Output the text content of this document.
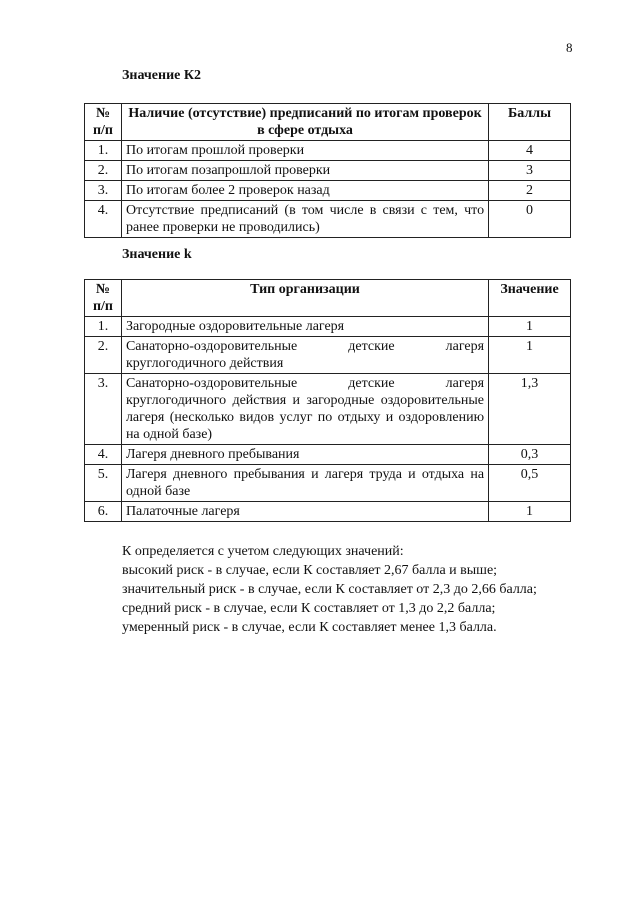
8
Значение К2
№ п/п	Наличие (отсутствие) предписаний по итогам проверок в сфере отдыха	Баллы
1.	По итогам прошлой проверки	4
2.	По итогам позапрошлой проверки	3
3.	По итогам более 2 проверок назад	2
4.	Отсутствие предписаний (в том числе в связи с тем, что ранее проверки не проводились)	0
Значение k
№ п/п	Тип организации	Значение
1.	Загородные оздоровительные лагеря	1
2.	Санаторно-оздоровительные детские лагеря круглогодичного действия	1
3.	Санаторно-оздоровительные детские лагеря круглогодичного действия и загородные оздоровительные лагеря (несколько видов услуг по отдыху и оздоровлению на одной базе)	1,3
4.	Лагеря дневного пребывания	0,3
5.	Лагеря дневного пребывания и лагеря труда и отдыха на одной базе	0,5
6.	Палаточные лагеря	1

К определяется с учетом следующих значений:

высокий риск - в случае, если К составляет 2,67 балла и выше;

значительный риск - в случае, если К составляет от 2,3 до 2,66 балла;

средний риск - в случае, если К составляет от 1,3 до 2,2 балла;

умеренный риск - в случае, если К составляет менее 1,3 балла.
